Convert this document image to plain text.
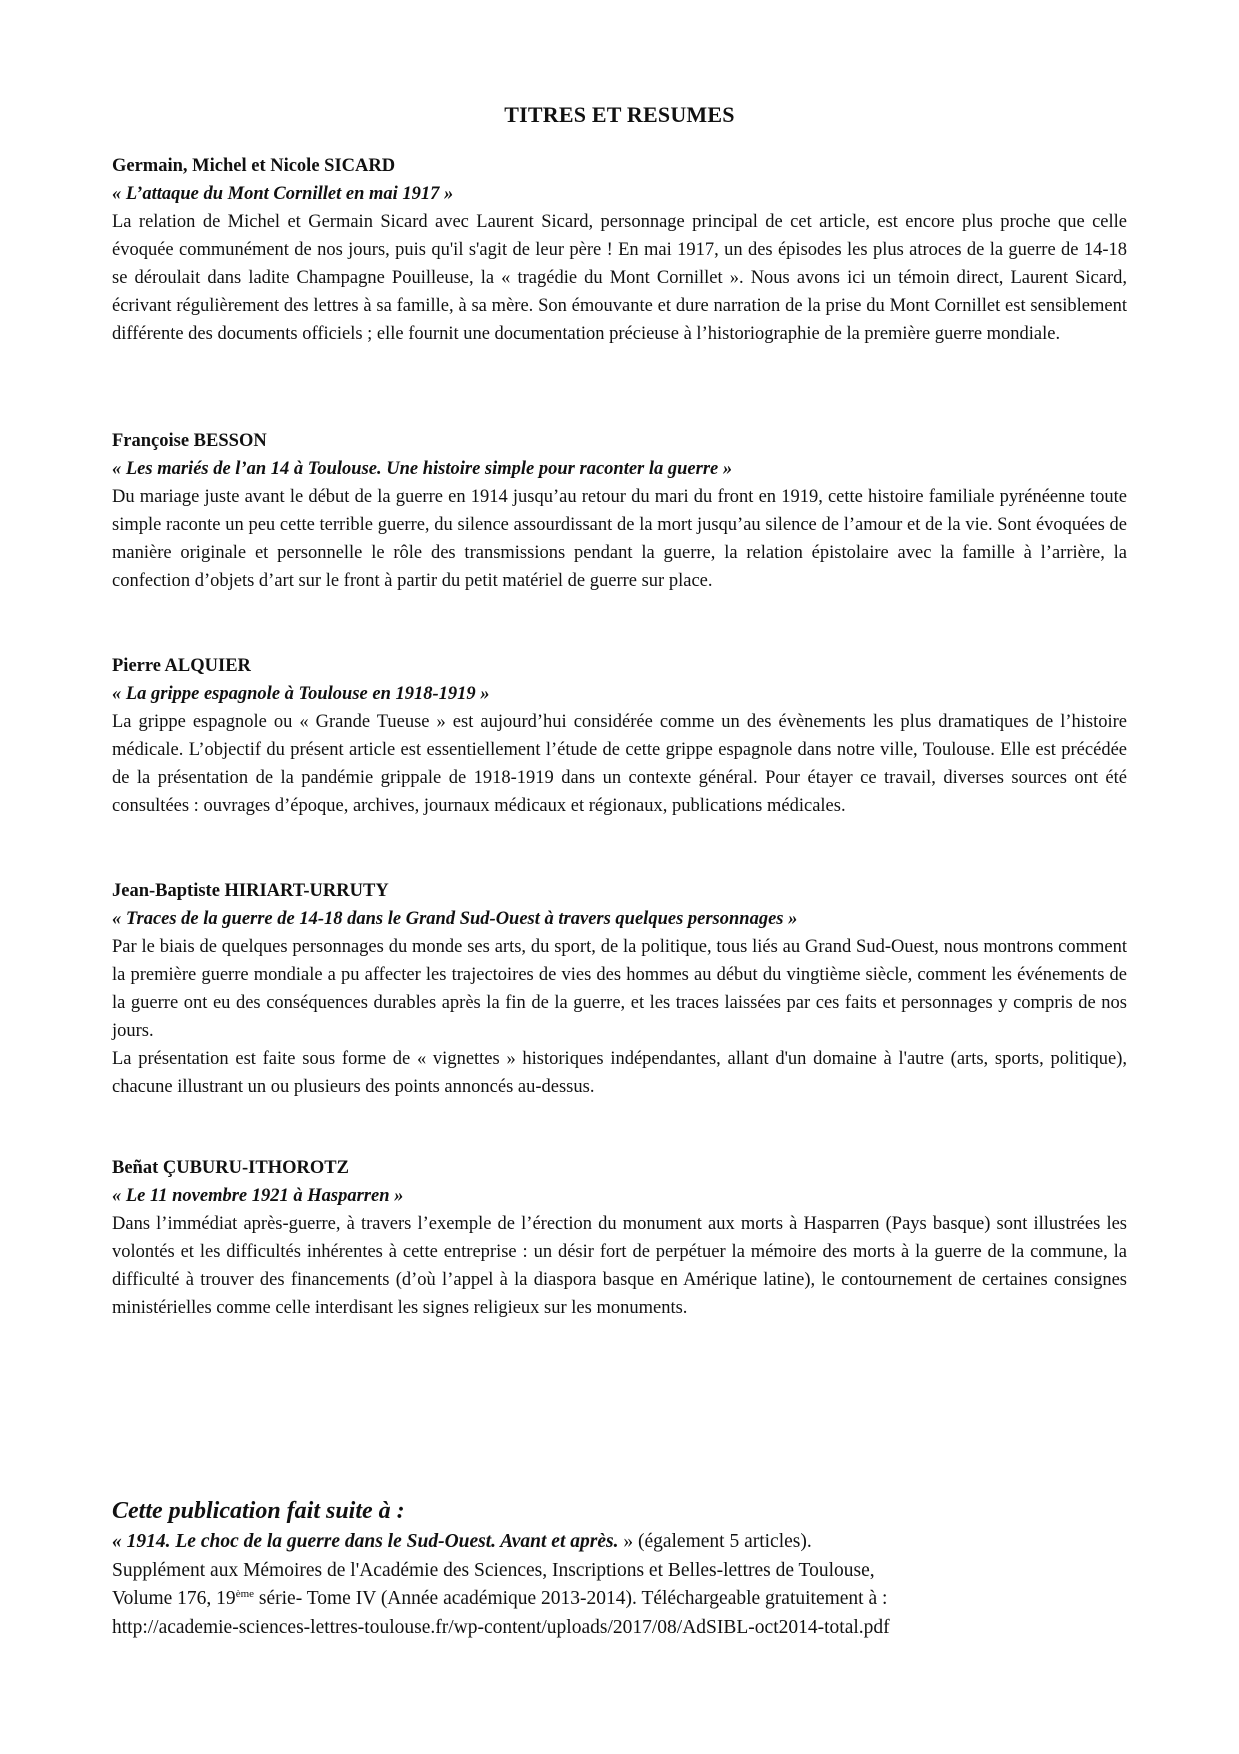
TITRES ET RESUMES
Germain, Michel et Nicole SICARD
« L’attaque du Mont Cornillet en mai 1917 »

La relation de Michel et Germain Sicard avec Laurent Sicard, personnage principal de cet article, est encore plus proche que celle évoquée communément de nos jours, puis qu'il s'agit de leur père ! En mai 1917, un des épisodes les plus atroces de la guerre de 14-18 se déroulait dans ladite Champagne Pouilleuse, la « tragédie du Mont Cornillet ». Nous avons ici un témoin direct, Laurent Sicard, écrivant régulièrement des lettres à sa famille, à sa mère. Son émouvante et dure narration de la prise du Mont Cornillet est sensiblement différente des documents officiels ; elle fournit une documentation précieuse à l’historiographie de la première guerre mondiale.

Françoise BESSON
« Les mariés de l’an 14 à Toulouse. Une histoire simple pour raconter la guerre »

Du mariage juste avant le début de la guerre en 1914 jusqu’au retour du mari du front en 1919, cette histoire familiale pyrénéenne toute simple raconte un peu cette terrible guerre, du silence assourdissant de la mort jusqu’au silence de l’amour et de la vie. Sont évoquées de manière originale et personnelle le rôle des transmissions pendant la guerre, la relation épistolaire avec la famille à l’arrière, la confection d’objets d’art sur le front à partir du petit matériel de guerre sur place.

Pierre ALQUIER
« La grippe espagnole à Toulouse en 1918-1919 »

La grippe espagnole ou « Grande Tueuse » est aujourd’hui considérée comme un des évènements les plus dramatiques de l’histoire médicale. L’objectif du présent article est essentiellement l’étude de cette grippe espagnole dans notre ville, Toulouse. Elle est précédée de la présentation de la pandémie grippale de 1918-1919 dans un contexte général. Pour étayer ce travail, diverses sources ont été consultées : ouvrages d’époque, archives, journaux médicaux et régionaux, publications médicales.

Jean-Baptiste HIRIART-URRUTY
« Traces de la guerre de 14-18 dans le Grand Sud-Ouest à travers quelques personnages »

Par le biais de quelques personnages du monde ses arts, du sport, de la politique, tous liés au Grand Sud-Ouest, nous montrons comment la première guerre mondiale a pu affecter les trajectoires de vies des hommes au début du vingtième siècle, comment les événements de la guerre ont eu des conséquences durables après la fin de la guerre, et les traces laissées par ces faits et personnages y compris de nos jours.

La présentation est faite sous forme de « vignettes » historiques indépendantes, allant d'un domaine à l'autre (arts, sports, politique), chacune illustrant un ou plusieurs des points annoncés au-dessus.

Beñat ÇUBURU-ITHOROTZ
« Le 11 novembre 1921 à Hasparren »

Dans l’immédiat après-guerre, à travers l’exemple de l’érection du monument aux morts à Hasparren (Pays basque) sont illustrées les volontés et les difficultés inhérentes à cette entreprise : un désir fort de perpétuer la mémoire des morts à la guerre de la commune, la difficulté à trouver des financements (d’où l’appel à la diaspora basque en Amérique latine), le contournement de certaines consignes ministérielles comme celle interdisant les signes religieux sur les monuments.

Cette publication fait suite à :
« 1914. Le choc de la guerre dans le Sud-Ouest. Avant et après. » (également 5 articles).
Supplément aux Mémoires de l'Académie des Sciences, Inscriptions et Belles-lettres de Toulouse,
Volume 176, 19ème série- Tome IV (Année académique 2013-2014). Téléchargeable gratuitement à :
http://academie-sciences-lettres-toulouse.fr/wp-content/uploads/2017/08/AdSIBL-oct2014-total.pdf
